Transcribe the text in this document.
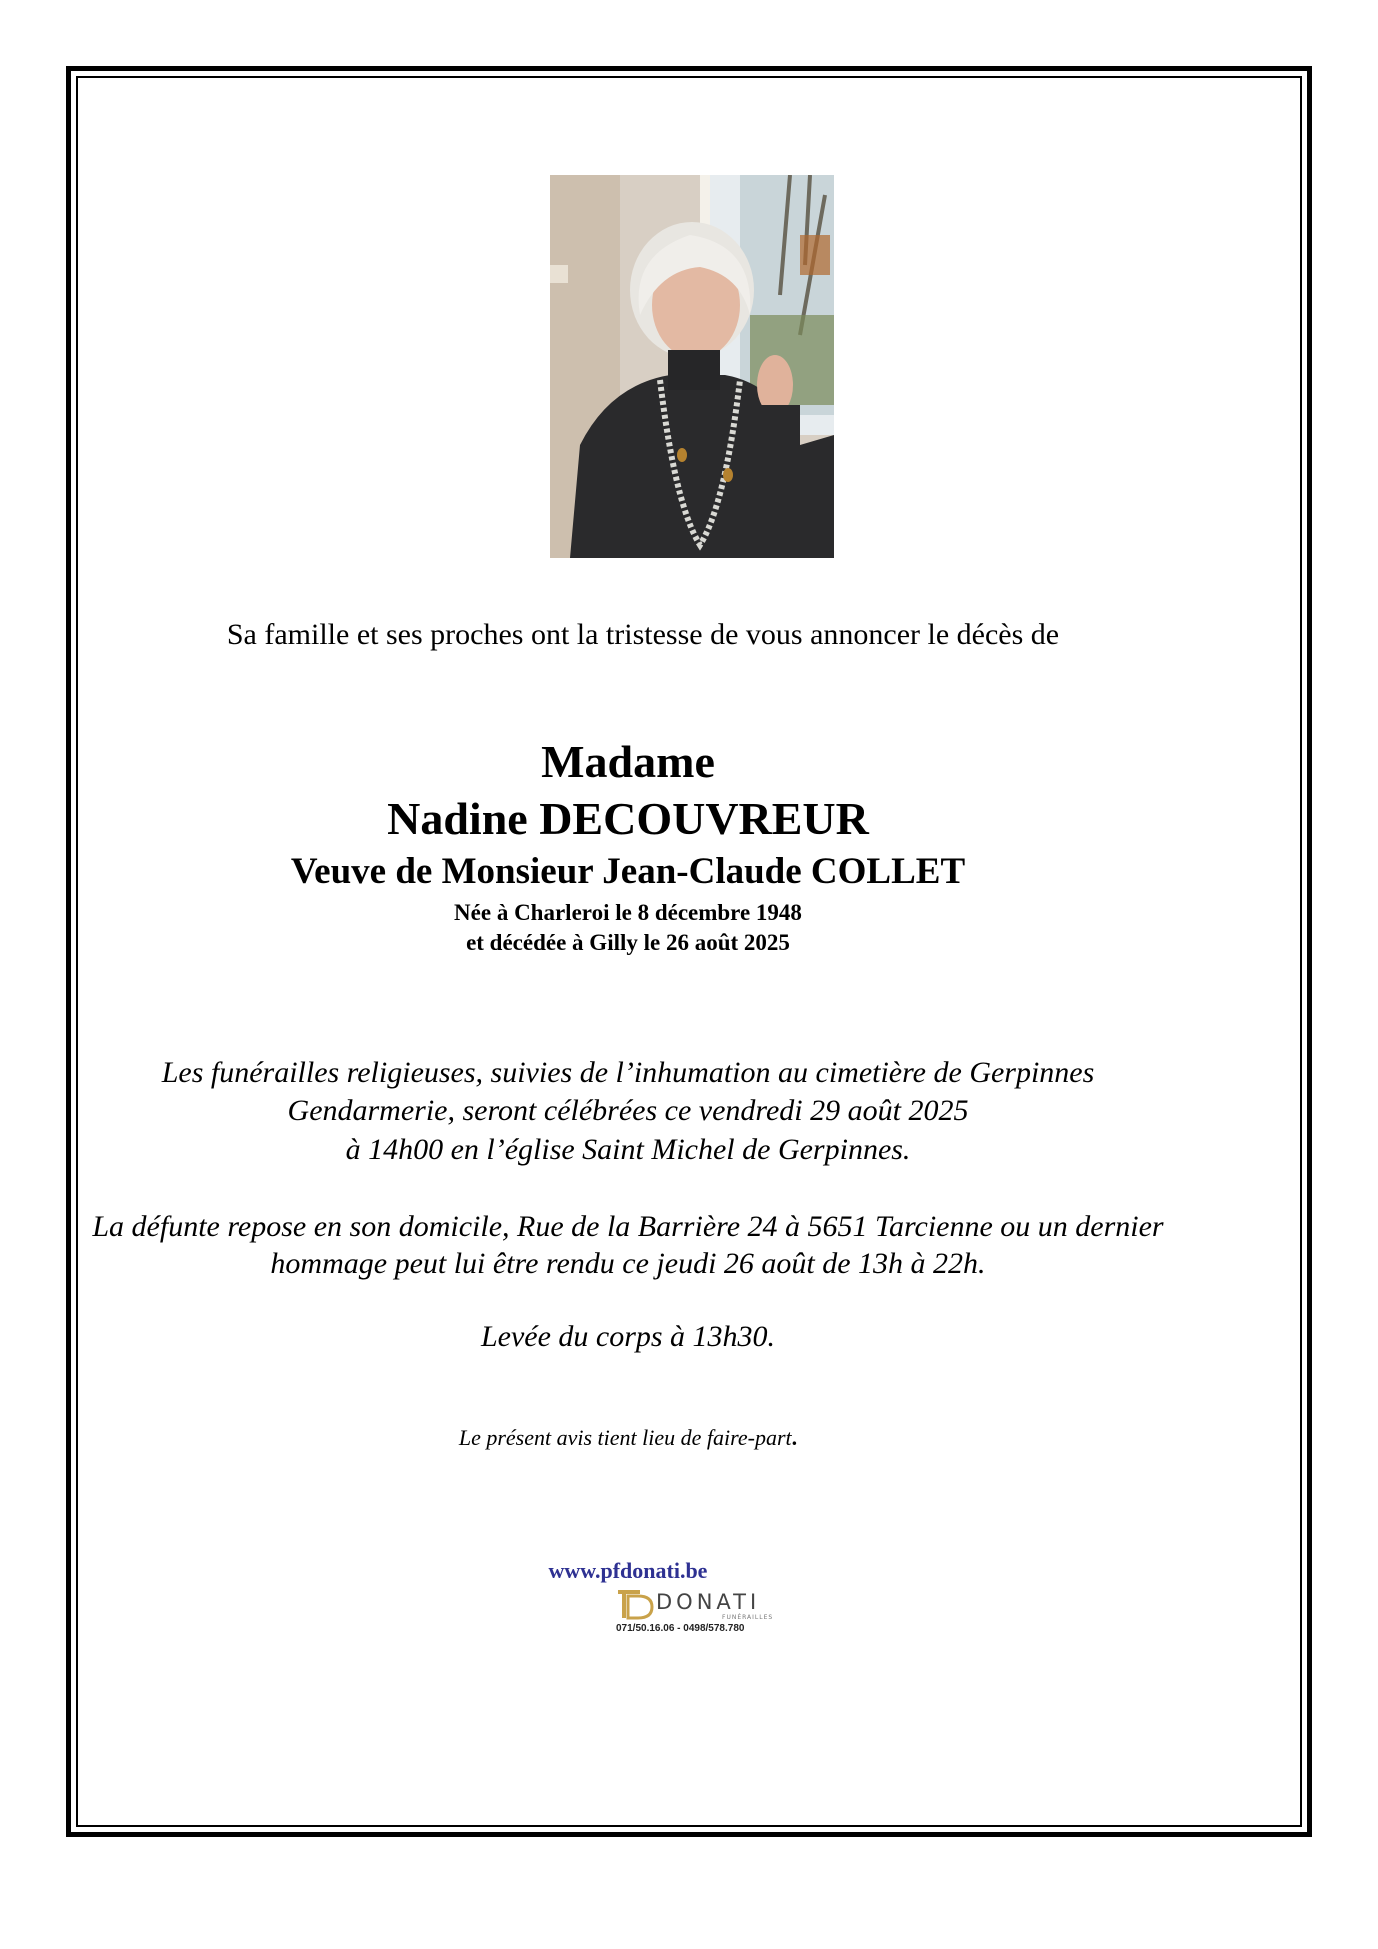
Sa famille et ses proches ont la tristesse de vous annoncer le décès de
Madame
Nadine DECOUVREUR
Veuve de Monsieur Jean-Claude COLLET
Née à Charleroi le 8 décembre 1948
et décédée à Gilly le 26 août 2025
Les funérailles religieuses, suivies de l’inhumation au cimetière de Gerpinnes
Gendarmerie, seront célébrées ce vendredi 29 août 2025
à 14h00 en l’église Saint Michel de Gerpinnes.
La défunte repose en son domicile, Rue de la Barrière 24 à 5651 Tarcienne ou un dernier
hommage peut lui être rendu ce jeudi 26 août de 13h à 22h.
Levée du corps à 13h30.
Le présent avis tient lieu de faire-part.
www.pfdonati.be
DONATI
FUNÉRAILLES
071/50.16.06 - 0498/578.780
